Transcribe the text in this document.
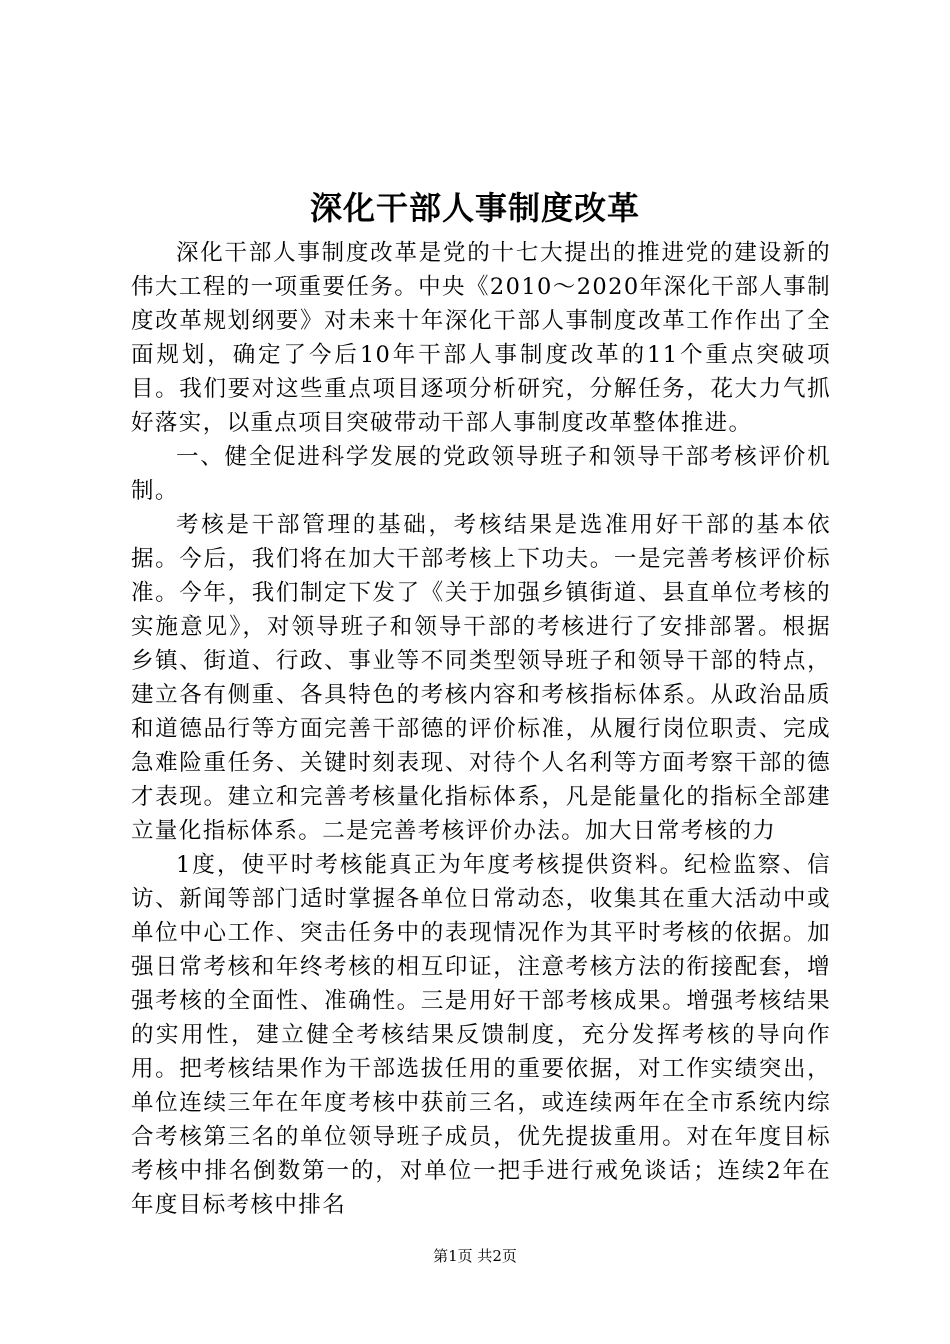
深化干部人事制度改革

深化干部人事制度改革是党的十七大提出的推进党的建设新的伟大工程的一项重要任务。中央《2010～2020年深化干部人事制度改革规划纲要》对未来十年深化干部人事制度改革工作作出了全面规划，确定了今后10年干部人事制度改革的11个重点突破项目。我们要对这些重点项目逐项分析研究，分解任务，花大力气抓好落实，以重点项目突破带动干部人事制度改革整体推进。

一、健全促进科学发展的党政领导班子和领导干部考核评价机制。

考核是干部管理的基础，考核结果是选准用好干部的基本依据。今后，我们将在加大干部考核上下功夫。一是完善考核评价标准。今年，我们制定下发了《关于加强乡镇街道、县直单位考核的实施意见》，对领导班子和领导干部的考核进行了安排部署。根据乡镇、街道、行政、事业等不同类型领导班子和领导干部的特点，建立各有侧重、各具特色的考核内容和考核指标体系。从政治品质和道德品行等方面完善干部德的评价标准，从履行岗位职责、完成急难险重任务、关键时刻表现、对待个人名利等方面考察干部的德才表现。建立和完善考核量化指标体系，凡是能量化的指标全部建立量化指标体系。二是完善考核评价办法。加大日常考核的力

1度，使平时考核能真正为年度考核提供资料。纪检监察、信访、新闻等部门适时掌握各单位日常动态，收集其在重大活动中或单位中心工作、突击任务中的表现情况作为其平时考核的依据。加强日常考核和年终考核的相互印证，注意考核方法的衔接配套，增强考核的全面性、准确性。三是用好干部考核成果。增强考核结果的实用性，建立健全考核结果反馈制度，充分发挥考核的导向作用。把考核结果作为干部选拔任用的重要依据，对工作实绩突出，单位连续三年在年度考核中获前三名，或连续两年在全市系统内综合考核第三名的单位领导班子成员，优先提拔重用。对在年度目标考核中排名倒数第一的，对单位一把手进行戒免谈话；连续2年在年度目标考核中排名

第1页 共2页
